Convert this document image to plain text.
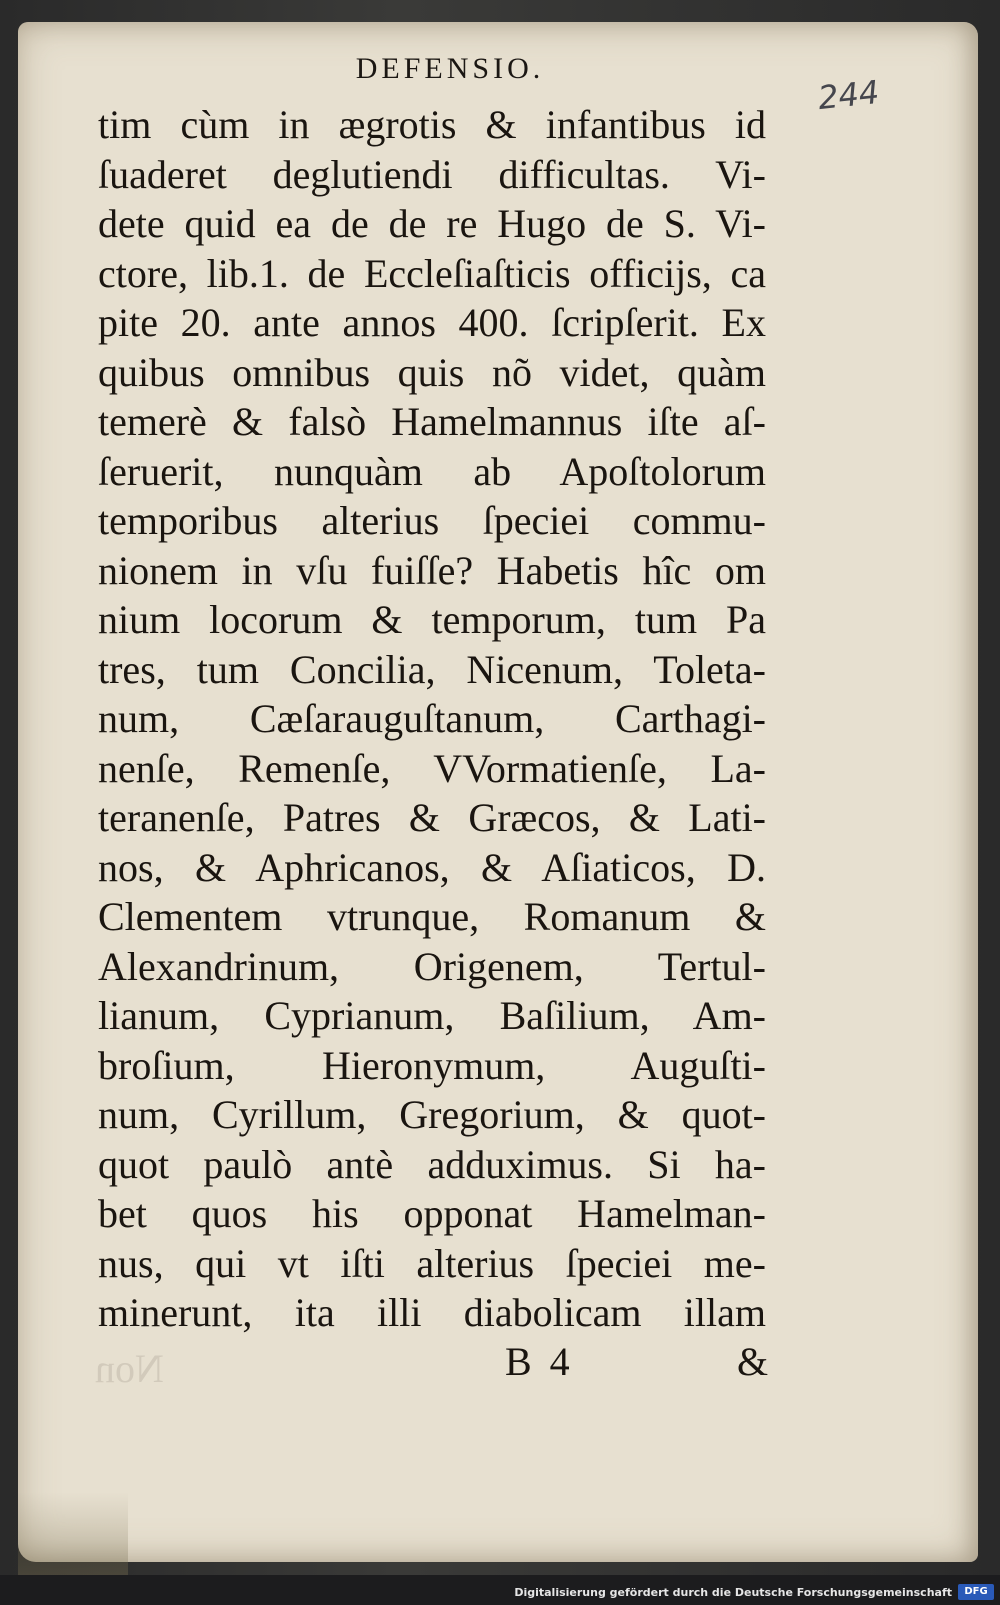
DEFENSIO.
244
tim cùm in ægrotis & infantibus id
ſuaderet deglutiendi difficultas. Vi-
dete quid ea de de re Hugo de S. Vi-
ctore, lib.1. de Eccleſiaſticis officijs, ca
pite 20. ante annos 400. ſcripſerit. Ex
quibus omnibus quis nõ videt, quàm
temerè & falsò Hamelmannus iſte aſ-
ſeruerit, nunquàm ab Apoſtolorum
temporibus alterius ſpeciei commu-
nionem in vſu fuiſſe? Habetis hîc om
nium locorum & temporum, tum Pa
tres, tum Concilia, Nicenum, Toleta-
num, Cæſarauguſtanum, Carthagi-
nenſe, Remenſe, VVormatienſe, La-
teranenſe, Patres & Græcos, & Lati-
nos, & Aphricanos, & Aſiaticos, D.
Clementem vtrunque, Romanum &
Alexandrinum, Origenem, Tertul-
lianum, Cyprianum, Baſilium, Am-
broſium, Hieronymum, Auguſti-
num, Cyrillum, Gregorium, & quot-
quot paulò antè adduximus. Si ha-
bet quos his opponat Hamelman-
nus, qui vt iſti alterius ſpeciei me-
minerunt, ita illi diabolicam illam
Non	B 4	&
Digitalisierung gefördert durch die Deutsche Forschungsgemeinschaft	DFG
